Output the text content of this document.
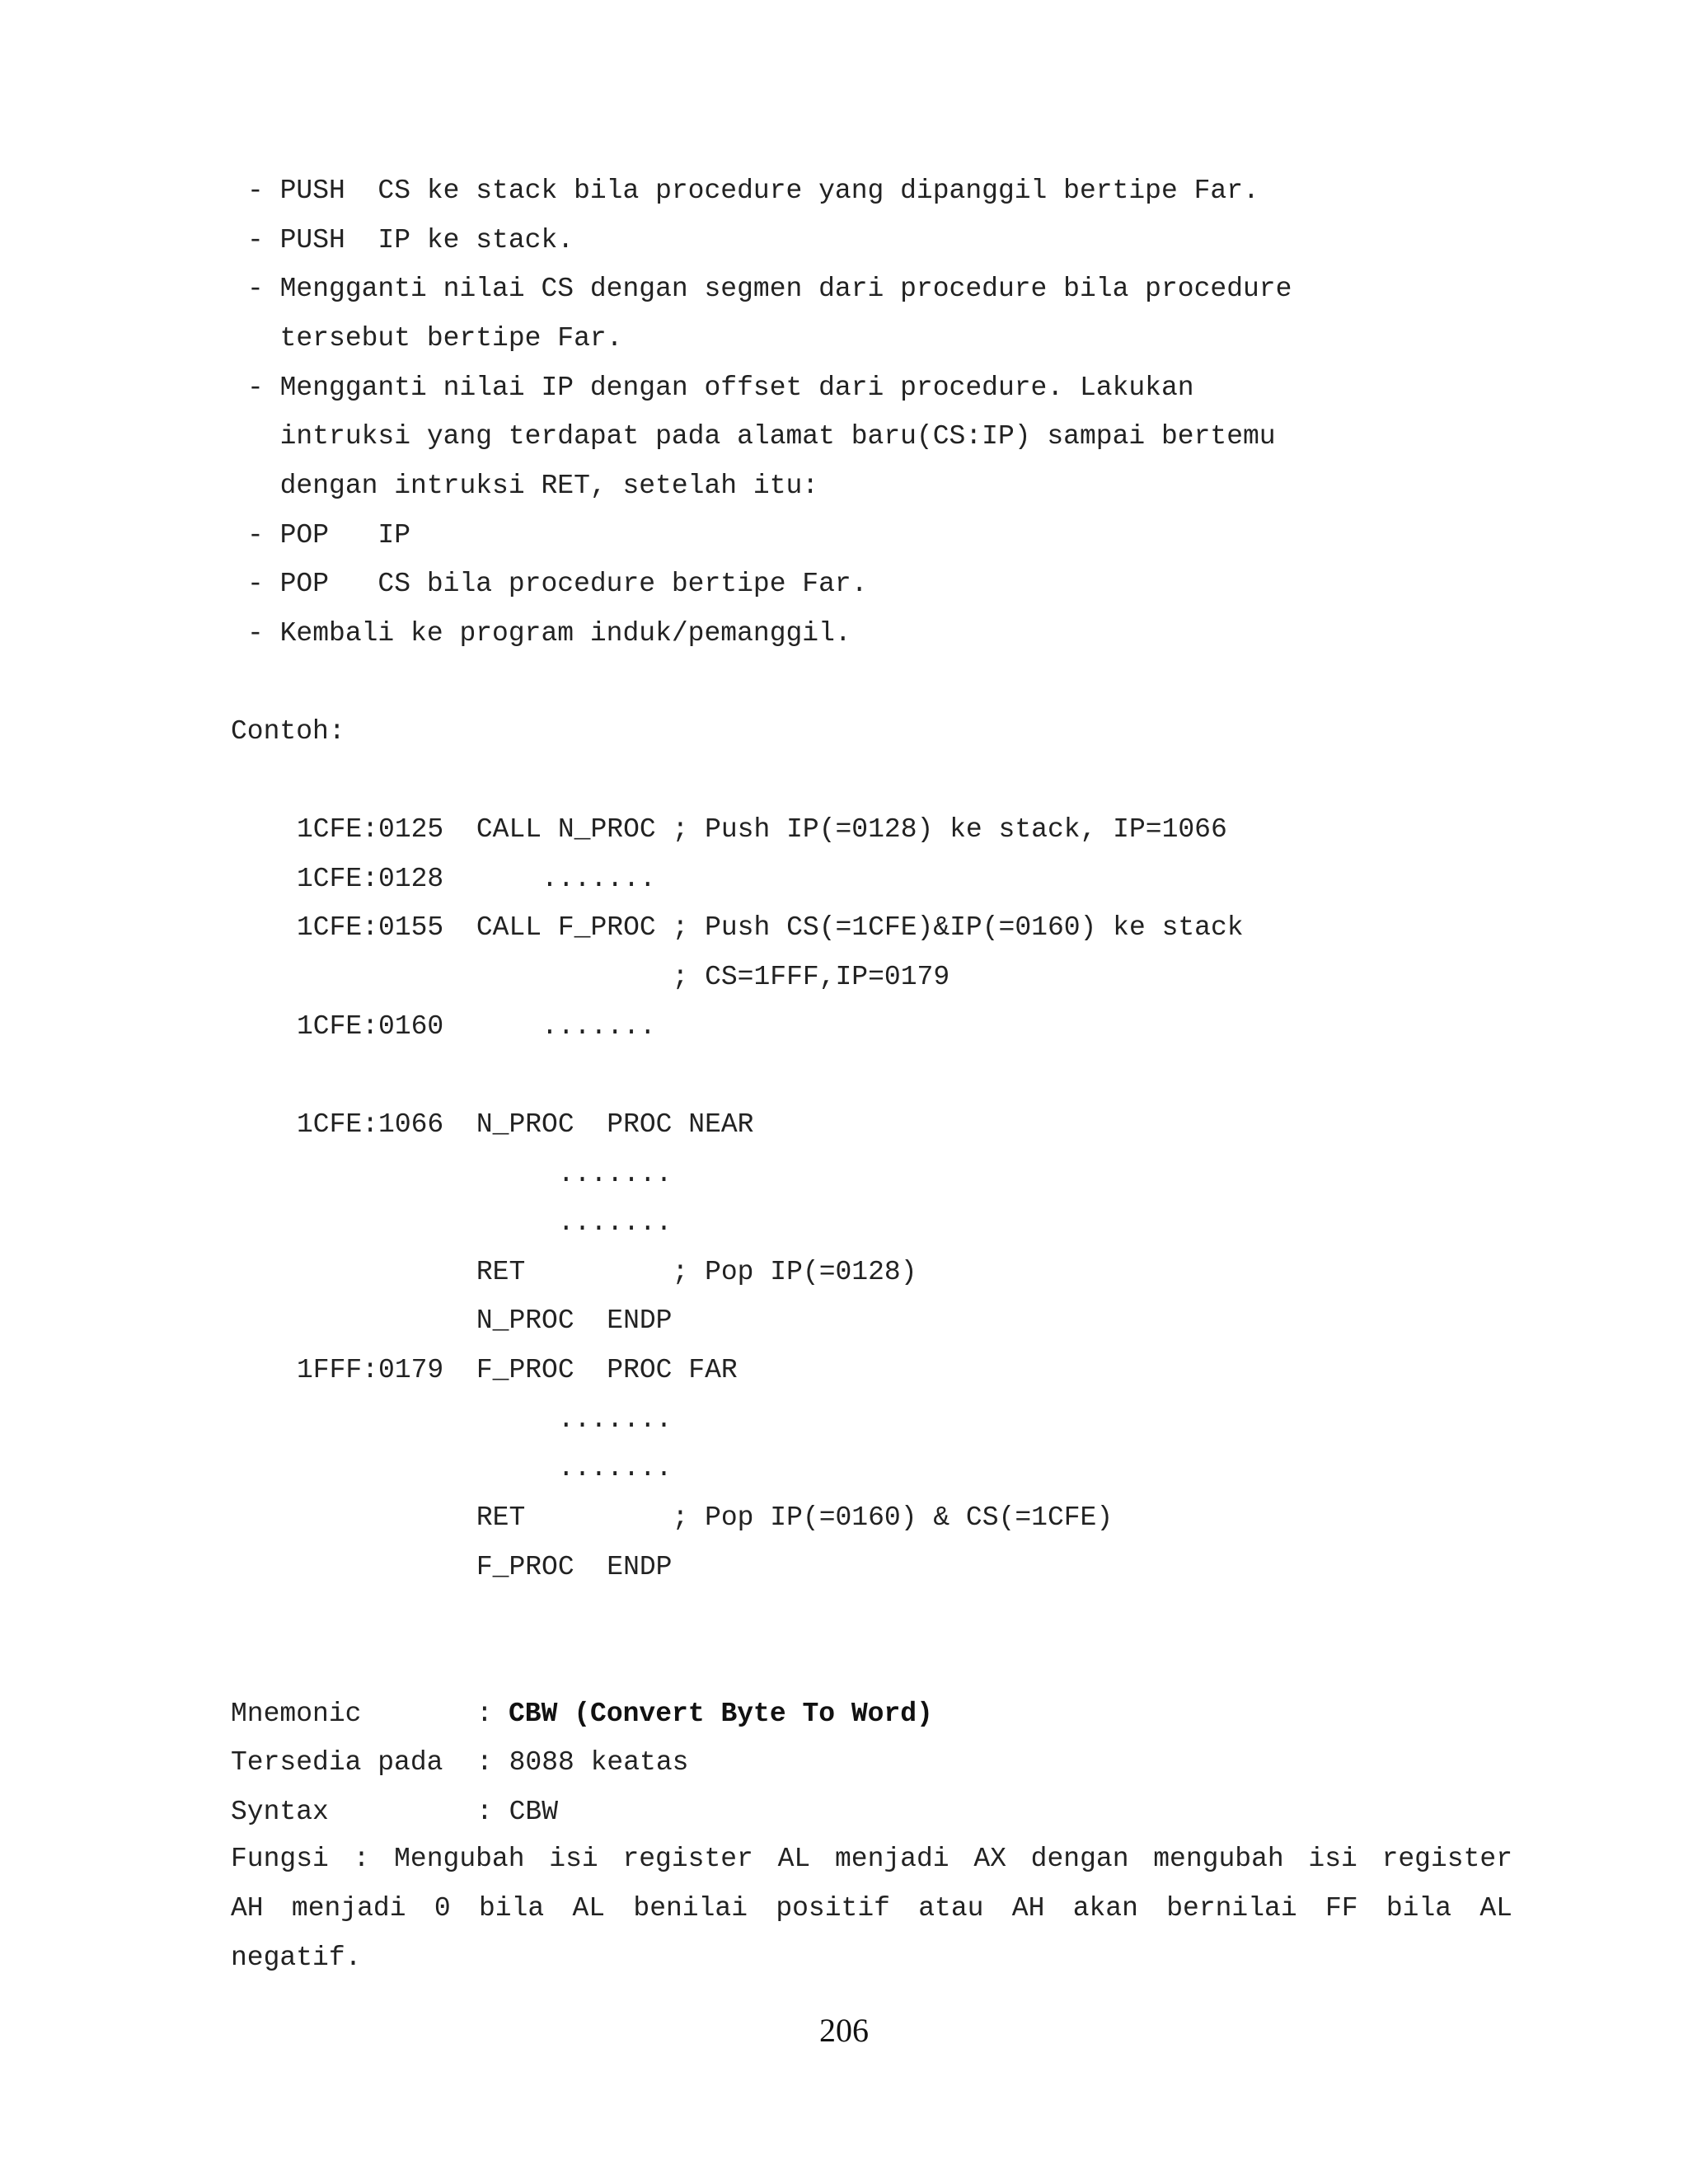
- PUSH  CS ke stack bila procedure yang dipanggil bertipe Far.
- PUSH  IP ke stack.
- Mengganti nilai CS dengan segmen dari procedure bila procedure
tersebut bertipe Far.
- Mengganti nilai IP dengan offset dari procedure. Lakukan
intruksi yang terdapat pada alamat baru(CS:IP) sampai bertemu
dengan intruksi RET, setelah itu:
- POP   IP
- POP   CS bila procedure bertipe Far.
- Kembali ke program induk/pemanggil.
Contoh:
1CFE:0125  CALL N_PROC ; Push IP(=0128) ke stack, IP=1066
1CFE:0128      .......
1CFE:0155  CALL F_PROC ; Push CS(=1CFE)&IP(=0160) ke stack
; CS=1FFF,IP=0179
1CFE:0160      .......
1CFE:1066  N_PROC  PROC NEAR
.......
.......
RET         ; Pop IP(=0128)
N_PROC  ENDP
1FFF:0179  F_PROC  PROC FAR
.......
.......
RET         ; Pop IP(=0160) & CS(=1CFE)
F_PROC  ENDP
Mnemonic	: CBW (Convert Byte To Word)
Tersedia pada : 8088 keatas
Syntax	: CBW
Fungsi : Mengubah isi register AL menjadi AX dengan mengubah isi register AH menjadi 0 bila AL benilai positif atau AH akan bernilai FF bila AL negatif.
206
